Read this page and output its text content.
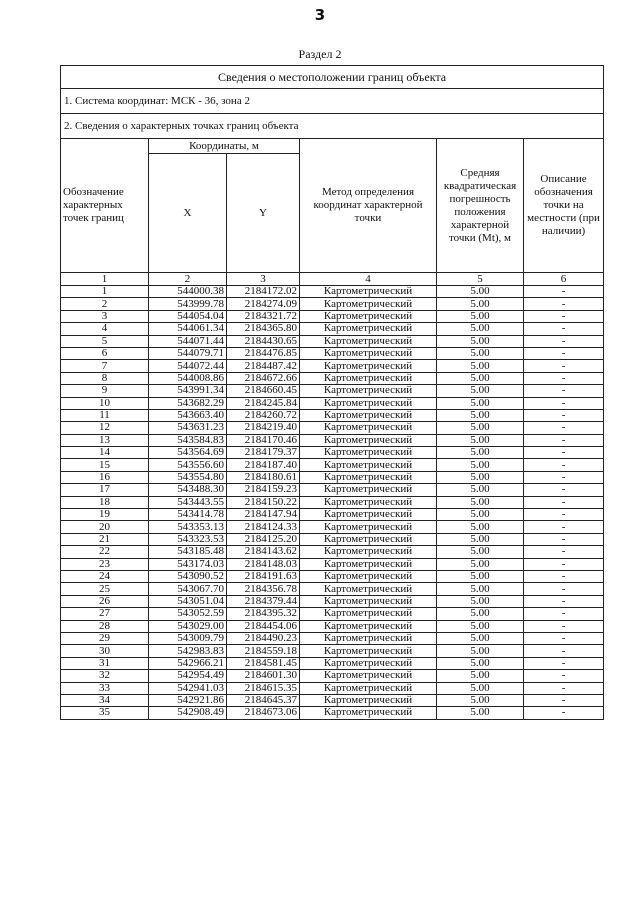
3
Раздел 2
Сведения о местоположении границ объекта					
1. Система координат: МСК - 36, зона 2					
2. Сведения о характерных точках границ объекта					
Обозначение характерных точек границ	Координаты, м		Метод определения координат характерной точки	Средняя квадратическая погрешность положения характерной точки (Mt), м	Описание обозначения точки на местности (при наличии)
	X	Y			
1	2	3	4	5	6
1	544000.38	2184172.02	Картометрический	5.00	-
2	543999.78	2184274.09	Картометрический	5.00	-
3	544054.04	2184321.72	Картометрический	5.00	-
4	544061.34	2184365.80	Картометрический	5.00	-
5	544071.44	2184430.65	Картометрический	5.00	-
6	544079.71	2184476.85	Картометрический	5.00	-
7	544072.44	2184487.42	Картометрический	5.00	-
8	544008.86	2184672.66	Картометрический	5.00	-
9	543991.34	2184660.45	Картометрический	5.00	-
10	543682.29	2184245.84	Картометрический	5.00	-
11	543663.40	2184260.72	Картометрический	5.00	-
12	543631.23	2184219.40	Картометрический	5.00	-
13	543584.83	2184170.46	Картометрический	5.00	-
14	543564.69	2184179.37	Картометрический	5.00	-
15	543556.60	2184187.40	Картометрический	5.00	-
16	543554.80	2184180.61	Картометрический	5.00	-
17	543488.30	2184159.23	Картометрический	5.00	-
18	543443.55	2184150.22	Картометрический	5.00	-
19	543414.78	2184147.94	Картометрический	5.00	-
20	543353.13	2184124.33	Картометрический	5.00	-
21	543323.53	2184125.20	Картометрический	5.00	-
22	543185.48	2184143.62	Картометрический	5.00	-
23	543174.03	2184148.03	Картометрический	5.00	-
24	543090.52	2184191.63	Картометрический	5.00	-
25	543067.70	2184356.78	Картометрический	5.00	-
26	543051.04	2184379.44	Картометрический	5.00	-
27	543052.59	2184395.32	Картометрический	5.00	-
28	543029.00	2184454.06	Картометрический	5.00	-
29	543009.79	2184490.23	Картометрический	5.00	-
30	542983.83	2184559.18	Картометрический	5.00	-
31	542966.21	2184581.45	Картометрический	5.00	-
32	542954.49	2184601.30	Картометрический	5.00	-
33	542941.03	2184615.35	Картометрический	5.00	-
34	542921.86	2184645.37	Картометрический	5.00	-
35	542908.49	2184673.06	Картометрический	5.00	-
